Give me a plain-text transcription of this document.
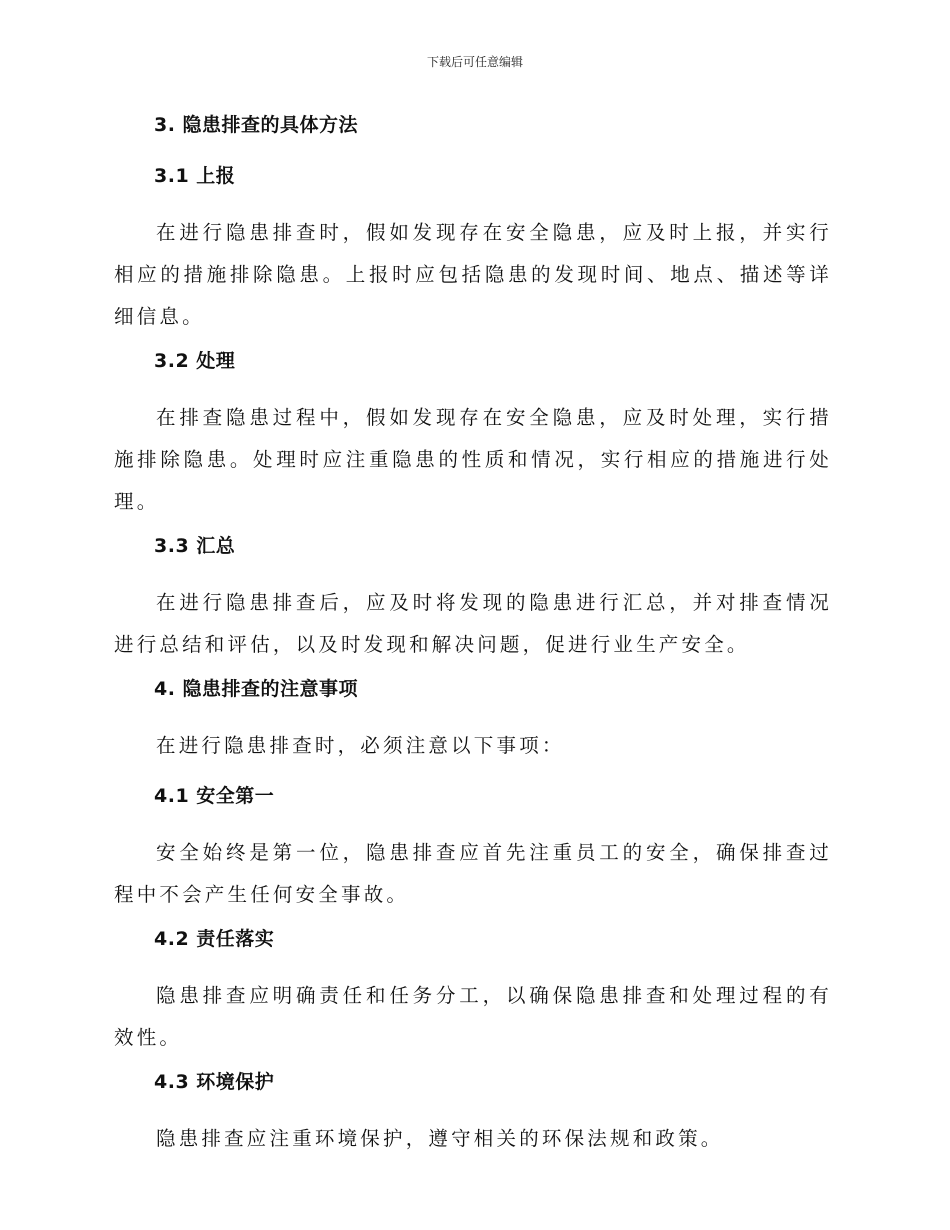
下载后可任意编辑
3. 隐患排查的具体方法
3.1 上报
在进行隐患排查时，假如发现存在安全隐患，应及时上报，并实行相应的措施排除隐患。上报时应包括隐患的发现时间、地点、描述等详细信息。
3.2 处理
在排查隐患过程中，假如发现存在安全隐患，应及时处理，实行措施排除隐患。处理时应注重隐患的性质和情况，实行相应的措施进行处理。
3.3 汇总
在进行隐患排查后，应及时将发现的隐患进行汇总，并对排查情况进行总结和评估，以及时发现和解决问题，促进行业生产安全。
4. 隐患排查的注意事项
在进行隐患排查时，必须注意以下事项：
4.1 安全第一
安全始终是第一位，隐患排查应首先注重员工的安全，确保排查过程中不会产生任何安全事故。
4.2 责任落实
隐患排查应明确责任和任务分工，以确保隐患排查和处理过程的有效性。
4.3 环境保护
隐患排查应注重环境保护，遵守相关的环保法规和政策。
